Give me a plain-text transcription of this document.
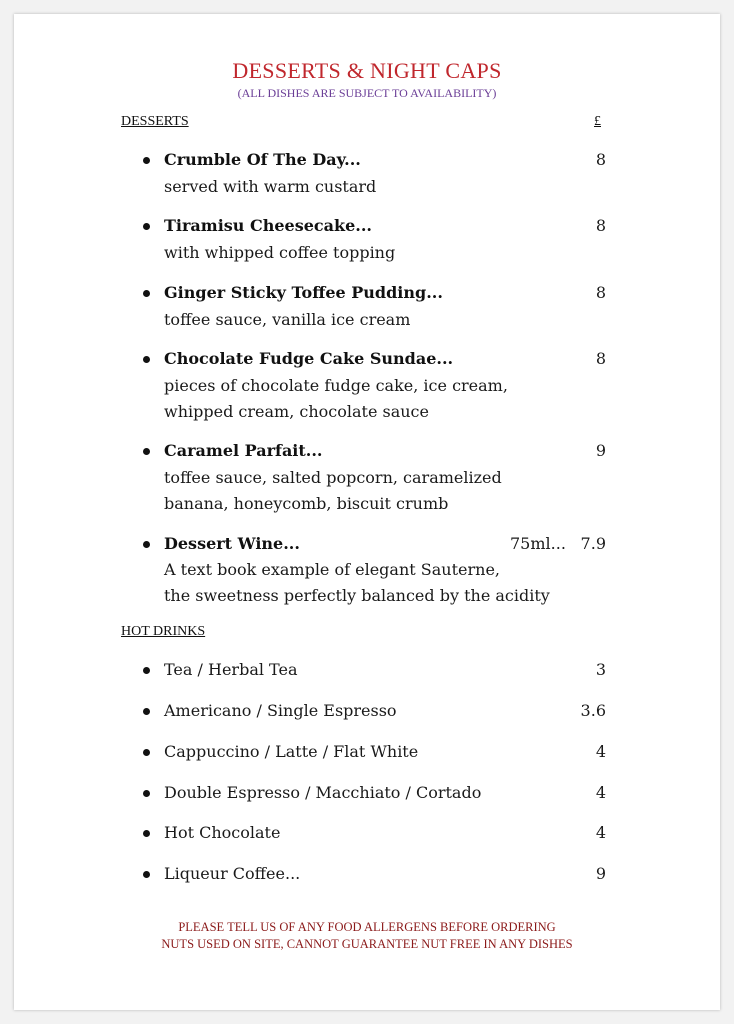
DESSERTS & NIGHT CAPS
(ALL DISHES ARE SUBJECT TO AVAILABILITY)
DESSERTS	£
Crumble Of The Day...	8
served with warm custard
Tiramisu Cheesecake...	8
with whipped coffee topping
Ginger Sticky Toffee Pudding...	8
toffee sauce, vanilla ice cream
Chocolate Fudge Cake Sundae...	8
pieces of chocolate fudge cake, ice cream,
whipped cream, chocolate sauce
Caramel Parfait...	9
toffee sauce, salted popcorn, caramelized
banana, honeycomb, biscuit crumb
Dessert Wine...	75ml... 7.9
A text book example of elegant Sauterne,
the sweetness perfectly balanced by the acidity
HOT DRINKS
Tea / Herbal Tea	3
Americano / Single Espresso	3.6
Cappuccino / Latte / Flat White	4
Double Espresso / Macchiato / Cortado	4
Hot Chocolate	4
Liqueur Coffee...	9
PLEASE TELL US OF ANY FOOD ALLERGENS BEFORE ORDERING
NUTS USED ON SITE, CANNOT GUARANTEE NUT FREE IN ANY DISHES
